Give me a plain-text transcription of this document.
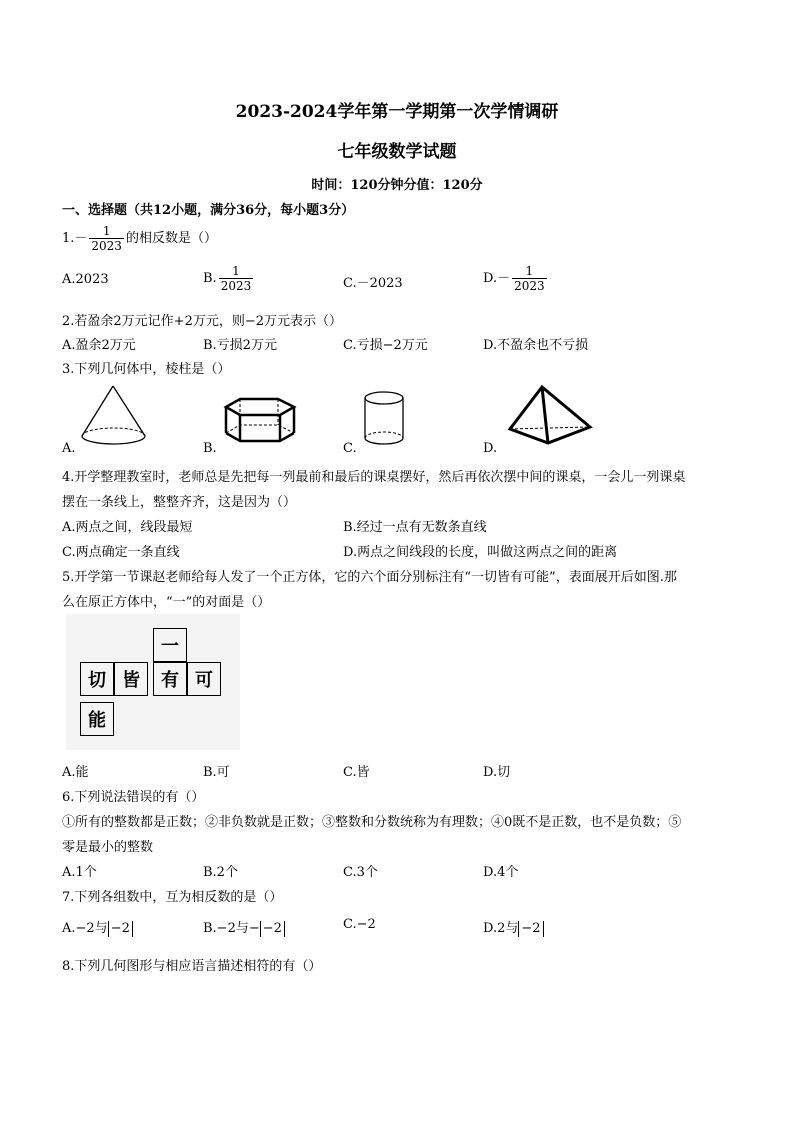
2023-2024学年第一学期第一次学情调研
七年级数学试题
时间：120分钟分值：120分
一、选择题（共12小题，满分36分，每小题3分）
$1.- \frac{1}{2023}$ 的相反数是（）
A.2023	B. $\frac{1}{2023}$	C.－2023	$D.- \frac{1}{2023}$
2.若盈余2万元记作+2万元，则−2万元表示（）
A.盈余2万元	B.亏损2万元	C.亏损−2万元	D.不盈余也不亏损
3.下列几何体中，棱柱是（）
A.	B.	C.	D.
4.开学整理教室时，老师总是先把每一列最前和最后的课桌摆好，然后再依次摆中间的课桌，一会儿一列课桌
摆在一条线上，整整齐齐，这是因为（）
A.两点之间，线段最短	B.经过一点有无数条直线
C.两点确定一条直线	D.两点之间线段的长度，叫做这两点之间的距离
5.开学第一节课赵老师给每人发了一个正方体，它的六个面分别标注有“一切皆有可能”，表面展开后如图.那
么在原正方体中，“一”的对面是（）
一
切 皆	有 可
能
A.能	B.可	C.皆	D.切
6.下列说法错误的有（）
①所有的整数都是正数；②非负数就是正数；③整数和分数统称为有理数；④0既不是正数，也不是负数；⑤
零是最小的整数
A.1个	B.2个	C.3个	D.4个
7.下列各组数中，互为相反数的是（）
A.−2与 −2	B.−2与− −2	C.−2	D.2与 −2
8.下列几何图形与相应语言描述相符的有（）
